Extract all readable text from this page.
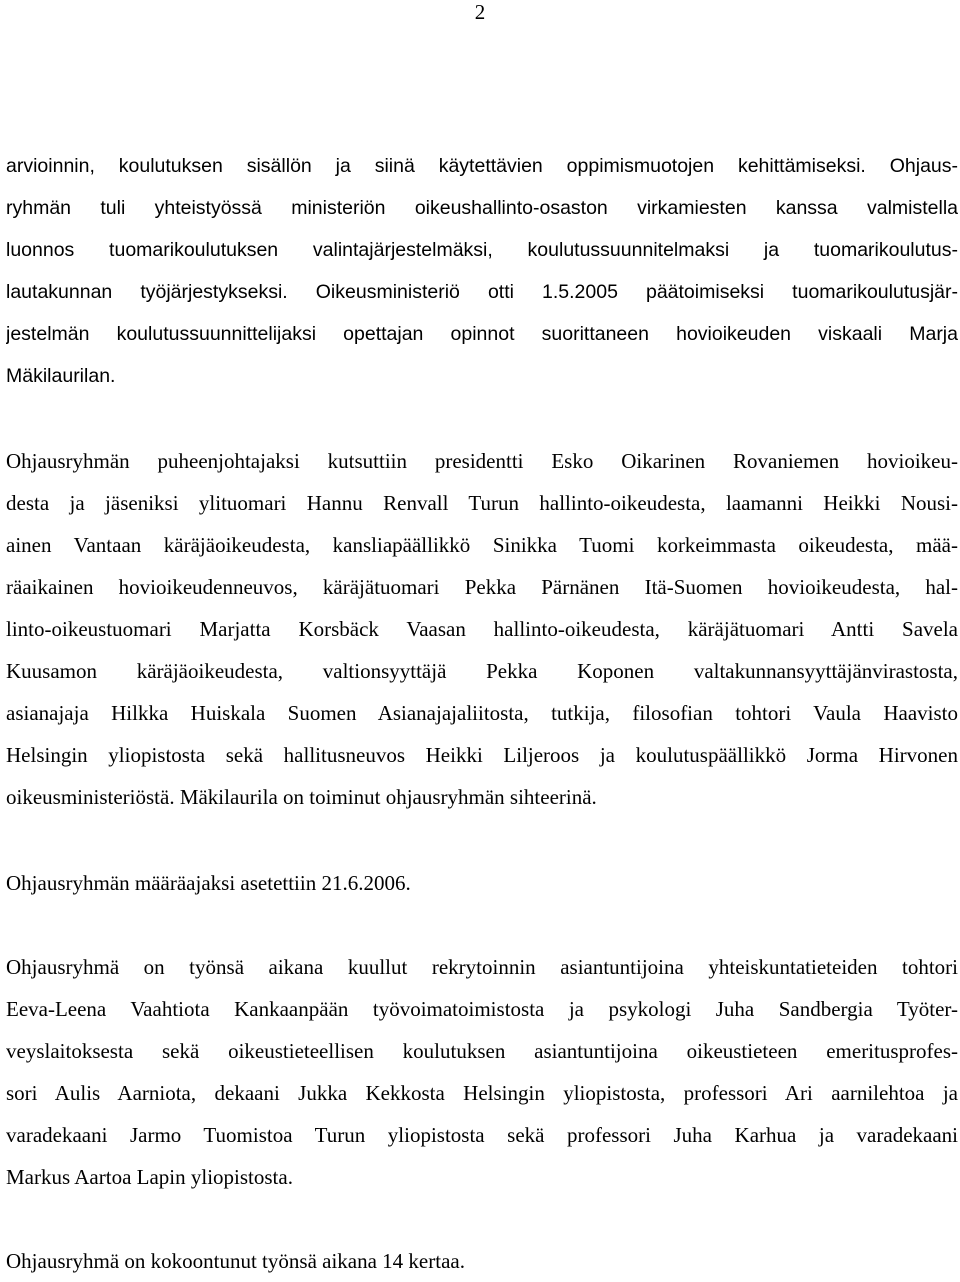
2
arvioinnin, koulutuksen sisällön ja siinä käytettävien oppimismuotojen kehittämiseksi. Ohjaus-
ryhmän tuli yhteistyössä ministeriön oikeushallinto-osaston virkamiesten kanssa valmistella
luonnos tuomarikoulutuksen valintajärjestelmäksi, koulutussuunnitelmaksi ja tuomarikoulutus-
lautakunnan työjärjestykseksi. Oikeusministeriö otti 1.5.2005 päätoimiseksi tuomarikoulutusjär-
jestelmän koulutussuunnittelijaksi opettajan opinnot suorittaneen hovioikeuden viskaali Marja
Mäkilaurilan.
Ohjausryhmän puheenjohtajaksi kutsuttiin presidentti Esko Oikarinen Rovaniemen hovioikeu-
desta ja jäseniksi ylituomari Hannu Renvall Turun hallinto-oikeudesta, laamanni Heikki Nousi-
ainen Vantaan käräjäoikeudesta, kansliapäällikkö Sinikka Tuomi korkeimmasta oikeudesta, mää-
räaikainen hovioikeudenneuvos, käräjätuomari Pekka Pärnänen Itä-Suomen hovioikeudesta, hal-
linto-oikeustuomari Marjatta Korsbäck Vaasan hallinto-oikeudesta, käräjätuomari Antti Savela
Kuusamon käräjäoikeudesta, valtionsyyttäjä Pekka Koponen valtakunnansyyttäjänvirastosta,
asianajaja Hilkka Huiskala Suomen Asianajajaliitosta, tutkija, filosofian tohtori Vaula Haavisto
Helsingin yliopistosta sekä hallitusneuvos Heikki Liljeroos ja koulutuspäällikkö Jorma Hirvonen
oikeusministeriöstä. Mäkilaurila on toiminut ohjausryhmän sihteerinä.
Ohjausryhmän määräajaksi asetettiin 21.6.2006.
Ohjausryhmä on työnsä aikana kuullut rekrytoinnin asiantuntijoina yhteiskuntatieteiden tohtori
Eeva-Leena Vaahtiota Kankaanpään työvoimatoimistosta ja psykologi Juha Sandbergia Työter-
veyslaitoksesta sekä oikeustieteellisen koulutuksen asiantuntijoina oikeustieteen emeritusprofes-
sori Aulis Aarniota, dekaani Jukka Kekkosta Helsingin yliopistosta, professori Ari aarnilehtoa ja
varadekaani Jarmo Tuomistoa Turun yliopistosta sekä professori Juha Karhua ja varadekaani
Markus Aartoa Lapin yliopistosta.
Ohjausryhmä on kokoontunut työnsä aikana 14 kertaa.
